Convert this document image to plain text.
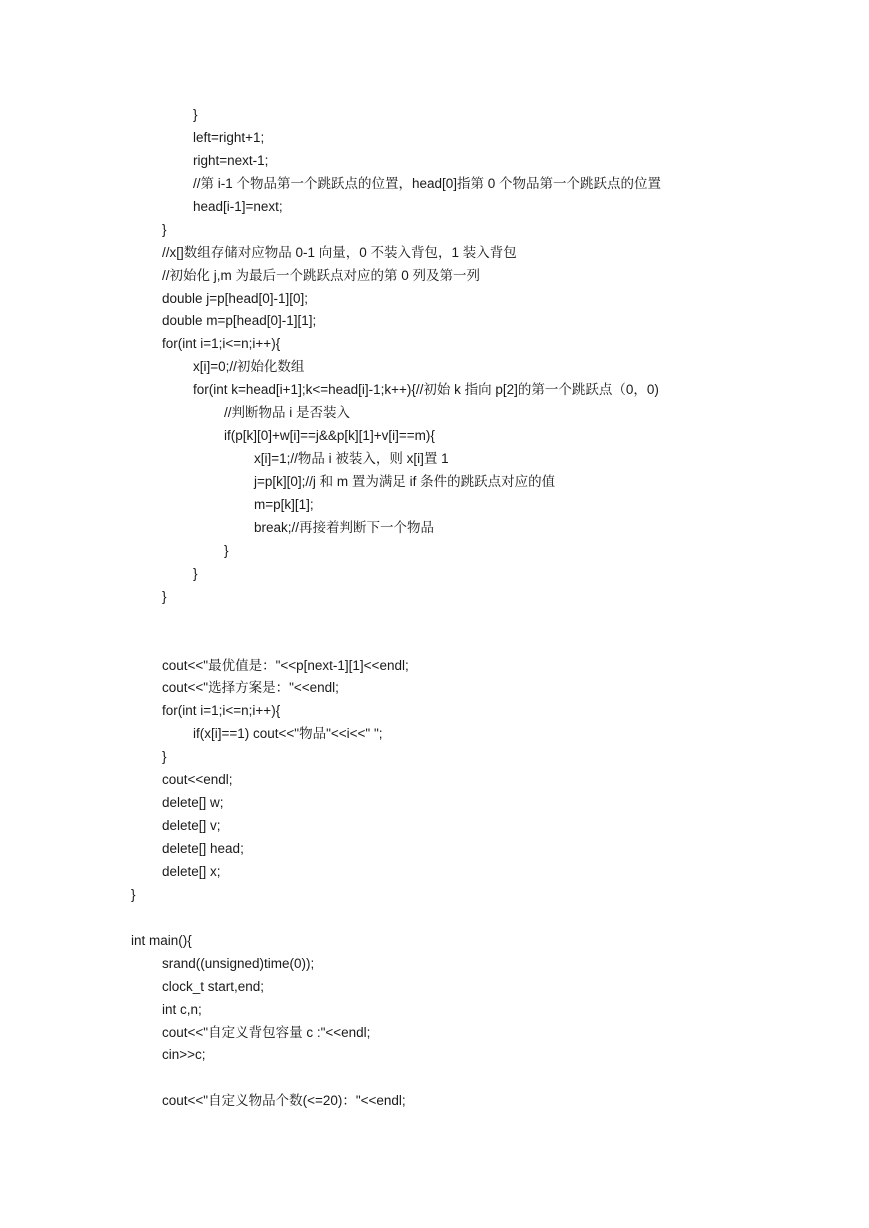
}
left=right+1;
right=next-1;
//第 i-1 个物品第一个跳跃点的位置，head[0]指第 0 个物品第一个跳跃点的位置
head[i-1]=next;
}
//x[]数组存储对应物品 0-1 向量，0 不装入背包，1 装入背包
//初始化 j,m 为最后一个跳跃点对应的第 0 列及第一列
double j=p[head[0]-1][0];
double m=p[head[0]-1][1];
for(int i=1;i<=n;i++){
x[i]=0;//初始化数组
for(int k=head[i+1];k<=head[i]-1;k++){//初始 k 指向 p[2]的第一个跳跃点（0，0)
//判断物品 i 是否装入
if(p[k][0]+w[i]==j&&p[k][1]+v[i]==m){
x[i]=1;//物品 i 被装入，则 x[i]置 1
j=p[k][0];//j 和 m 置为满足 if 条件的跳跃点对应的值
m=p[k][1];
break;//再接着判断下一个物品
}
}
}
cout<<"最优值是："<<p[next-1][1]<<endl;
cout<<"选择方案是："<<endl;
for(int i=1;i<=n;i++){
if(x[i]==1) cout<<"物品"<<i<<" ";
}
cout<<endl;
delete[] w;
delete[] v;
delete[] head;
delete[] x;
}
int main(){
srand((unsigned)time(0));
clock_t start,end;
int c,n;
cout<<"自定义背包容量 c :"<<endl;
cin>>c;
cout<<"自定义物品个数(<=20)："<<endl;
